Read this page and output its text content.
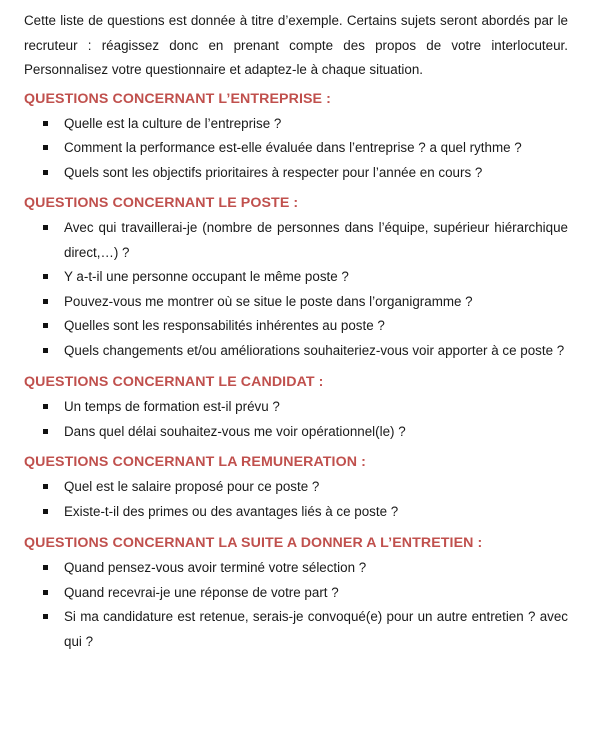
Cette liste de questions est donnée à titre d’exemple. Certains sujets seront abordés par le recruteur : réagissez donc en prenant compte des propos de votre interlocuteur. Personnalisez votre questionnaire et adaptez-le à chaque situation.

QUESTIONS CONCERNANT L’ENTREPRISE :
Quelle est la culture de l’entreprise ?
Comment la performance est-elle évaluée dans l’entreprise ? a quel rythme ?
Quels sont les objectifs prioritaires à respecter pour l’année en cours ?
QUESTIONS CONCERNANT LE POSTE :
Avec qui travaillerai-je (nombre de personnes dans l’équipe, supérieur hiérarchique direct,…) ?
Y a-t-il une personne occupant le même poste ?
Pouvez-vous me montrer où se situe le poste dans l’organigramme ?
Quelles sont les responsabilités inhérentes au poste ?
Quels changements et/ou améliorations souhaiteriez-vous voir apporter à ce poste ?
QUESTIONS CONCERNANT LE CANDIDAT :
Un temps de formation est-il prévu ?
Dans quel délai souhaitez-vous me voir opérationnel(le) ?
QUESTIONS CONCERNANT LA REMUNERATION :
Quel est le salaire proposé pour ce poste ?
Existe-t-il des primes ou des avantages liés à ce poste ?
QUESTIONS CONCERNANT LA SUITE A DONNER A L’ENTRETIEN :
Quand pensez-vous avoir terminé votre sélection ?
Quand recevrai-je une réponse de votre part ?
Si ma candidature est retenue, serais-je convoqué(e) pour un autre entretien ? avec qui ?
